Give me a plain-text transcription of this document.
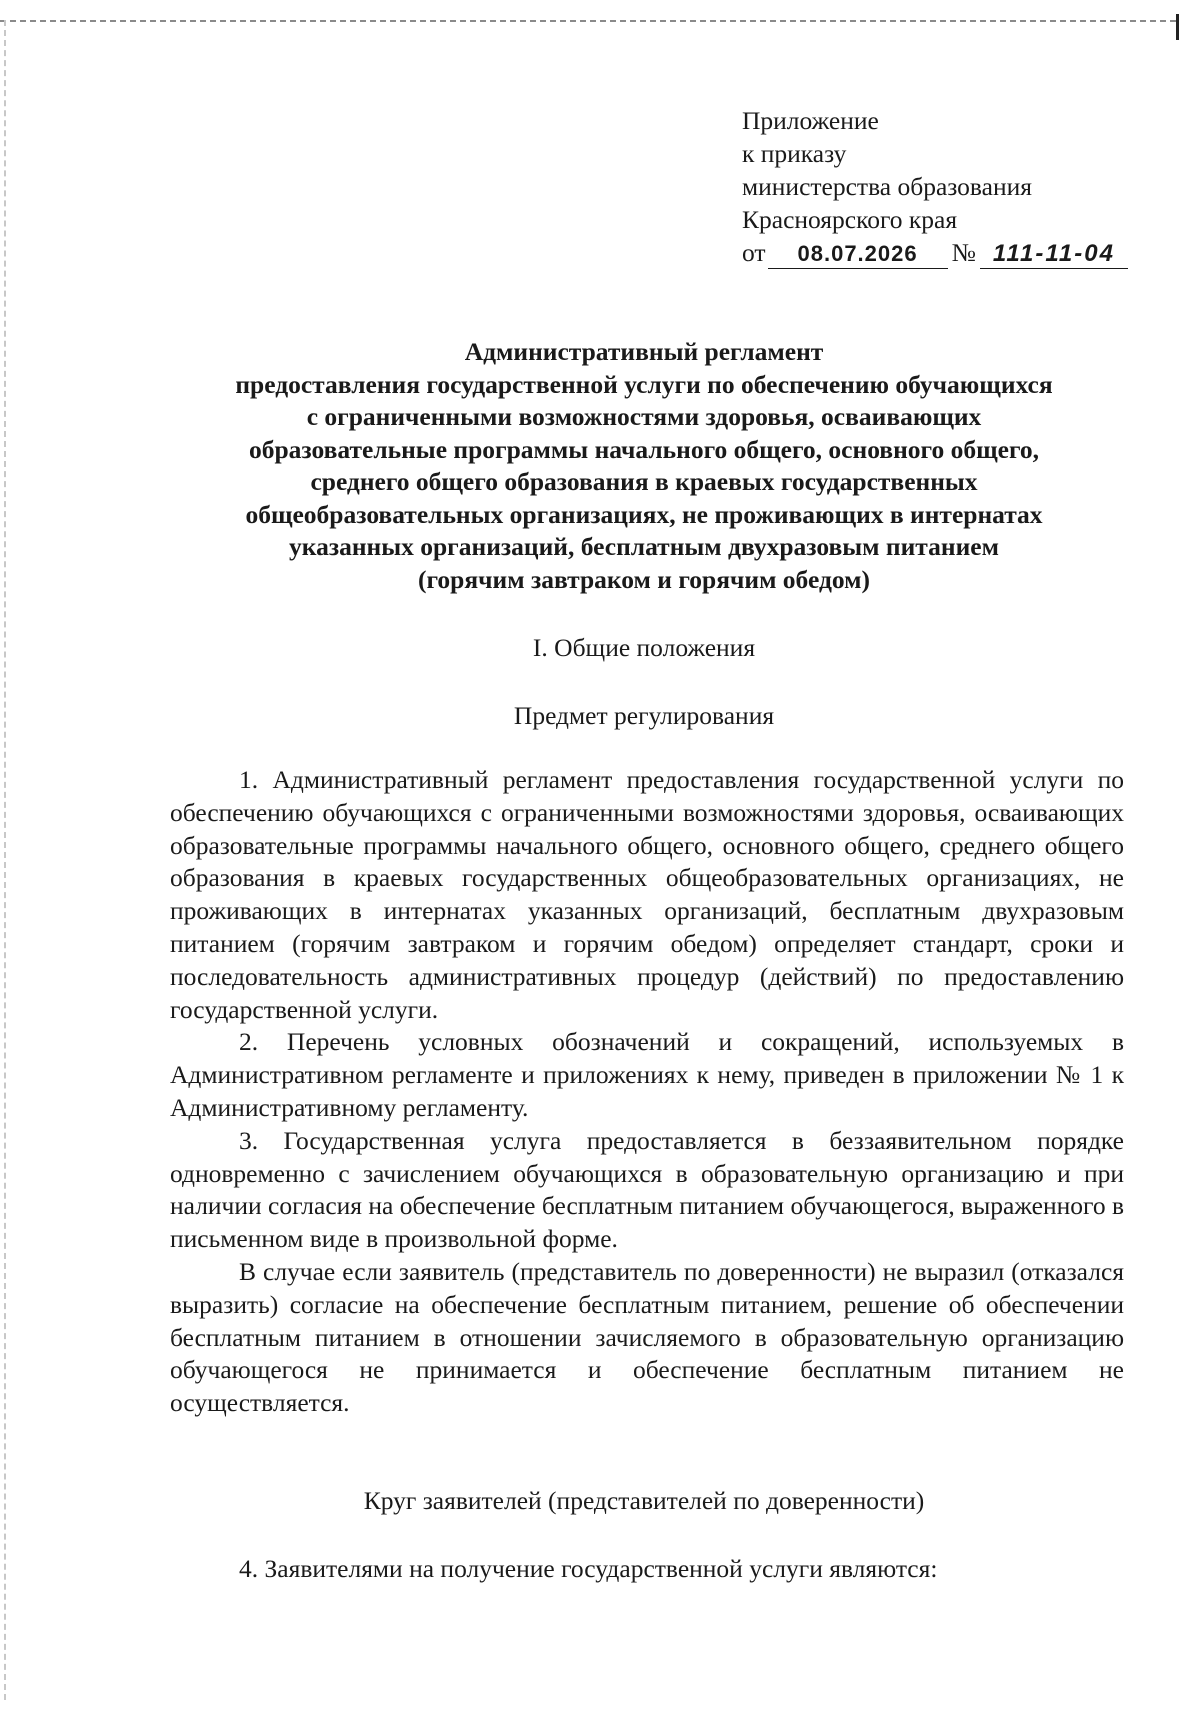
Приложение
к приказу
министерства образования
Красноярского края
от 08.07.2026 № 111-11-04
Административный регламент
предоставления государственной услуги по обеспечению обучающихся
с ограниченными возможностями здоровья, осваивающих
образовательные программы начального общего, основного общего,
среднего общего образования в краевых государственных
общеобразовательных организациях, не проживающих в интернатах
указанных организаций, бесплатным двухразовым питанием
(горячим завтраком и горячим обедом)
I. Общие положения
Предмет регулирования

1. Административный регламент предоставления государственной услуги по обеспечению обучающихся с ограниченными возможностями здоровья, осваивающих образовательные программы начального общего, основного общего, среднего общего образования в краевых государственных общеобразовательных организациях, не проживающих в интернатах указанных организаций, бесплатным двухразовым питанием (горячим завтраком и горячим обедом) определяет стандарт, сроки и последовательность административных процедур (действий) по предоставлению государственной услуги.

2. Перечень условных обозначений и сокращений, используемых в Административном регламенте и приложениях к нему, приведен в приложении № 1 к Административному регламенту.

3. Государственная услуга предоставляется в беззаявительном порядке одновременно с зачислением обучающихся в образовательную организацию и при наличии согласия на обеспечение бесплатным питанием обучающегося, выраженного в письменном виде в произвольной форме.

В случае если заявитель (представитель по доверенности) не выразил (отказался выразить) согласие на обеспечение бесплатным питанием, решение об обеспечении бесплатным питанием в отношении зачисляемого в образовательную организацию обучающегося не принимается и обеспечение бесплатным питанием не осуществляется.

Круг заявителей (представителей по доверенности)

4. Заявителями на получение государственной услуги являются:
